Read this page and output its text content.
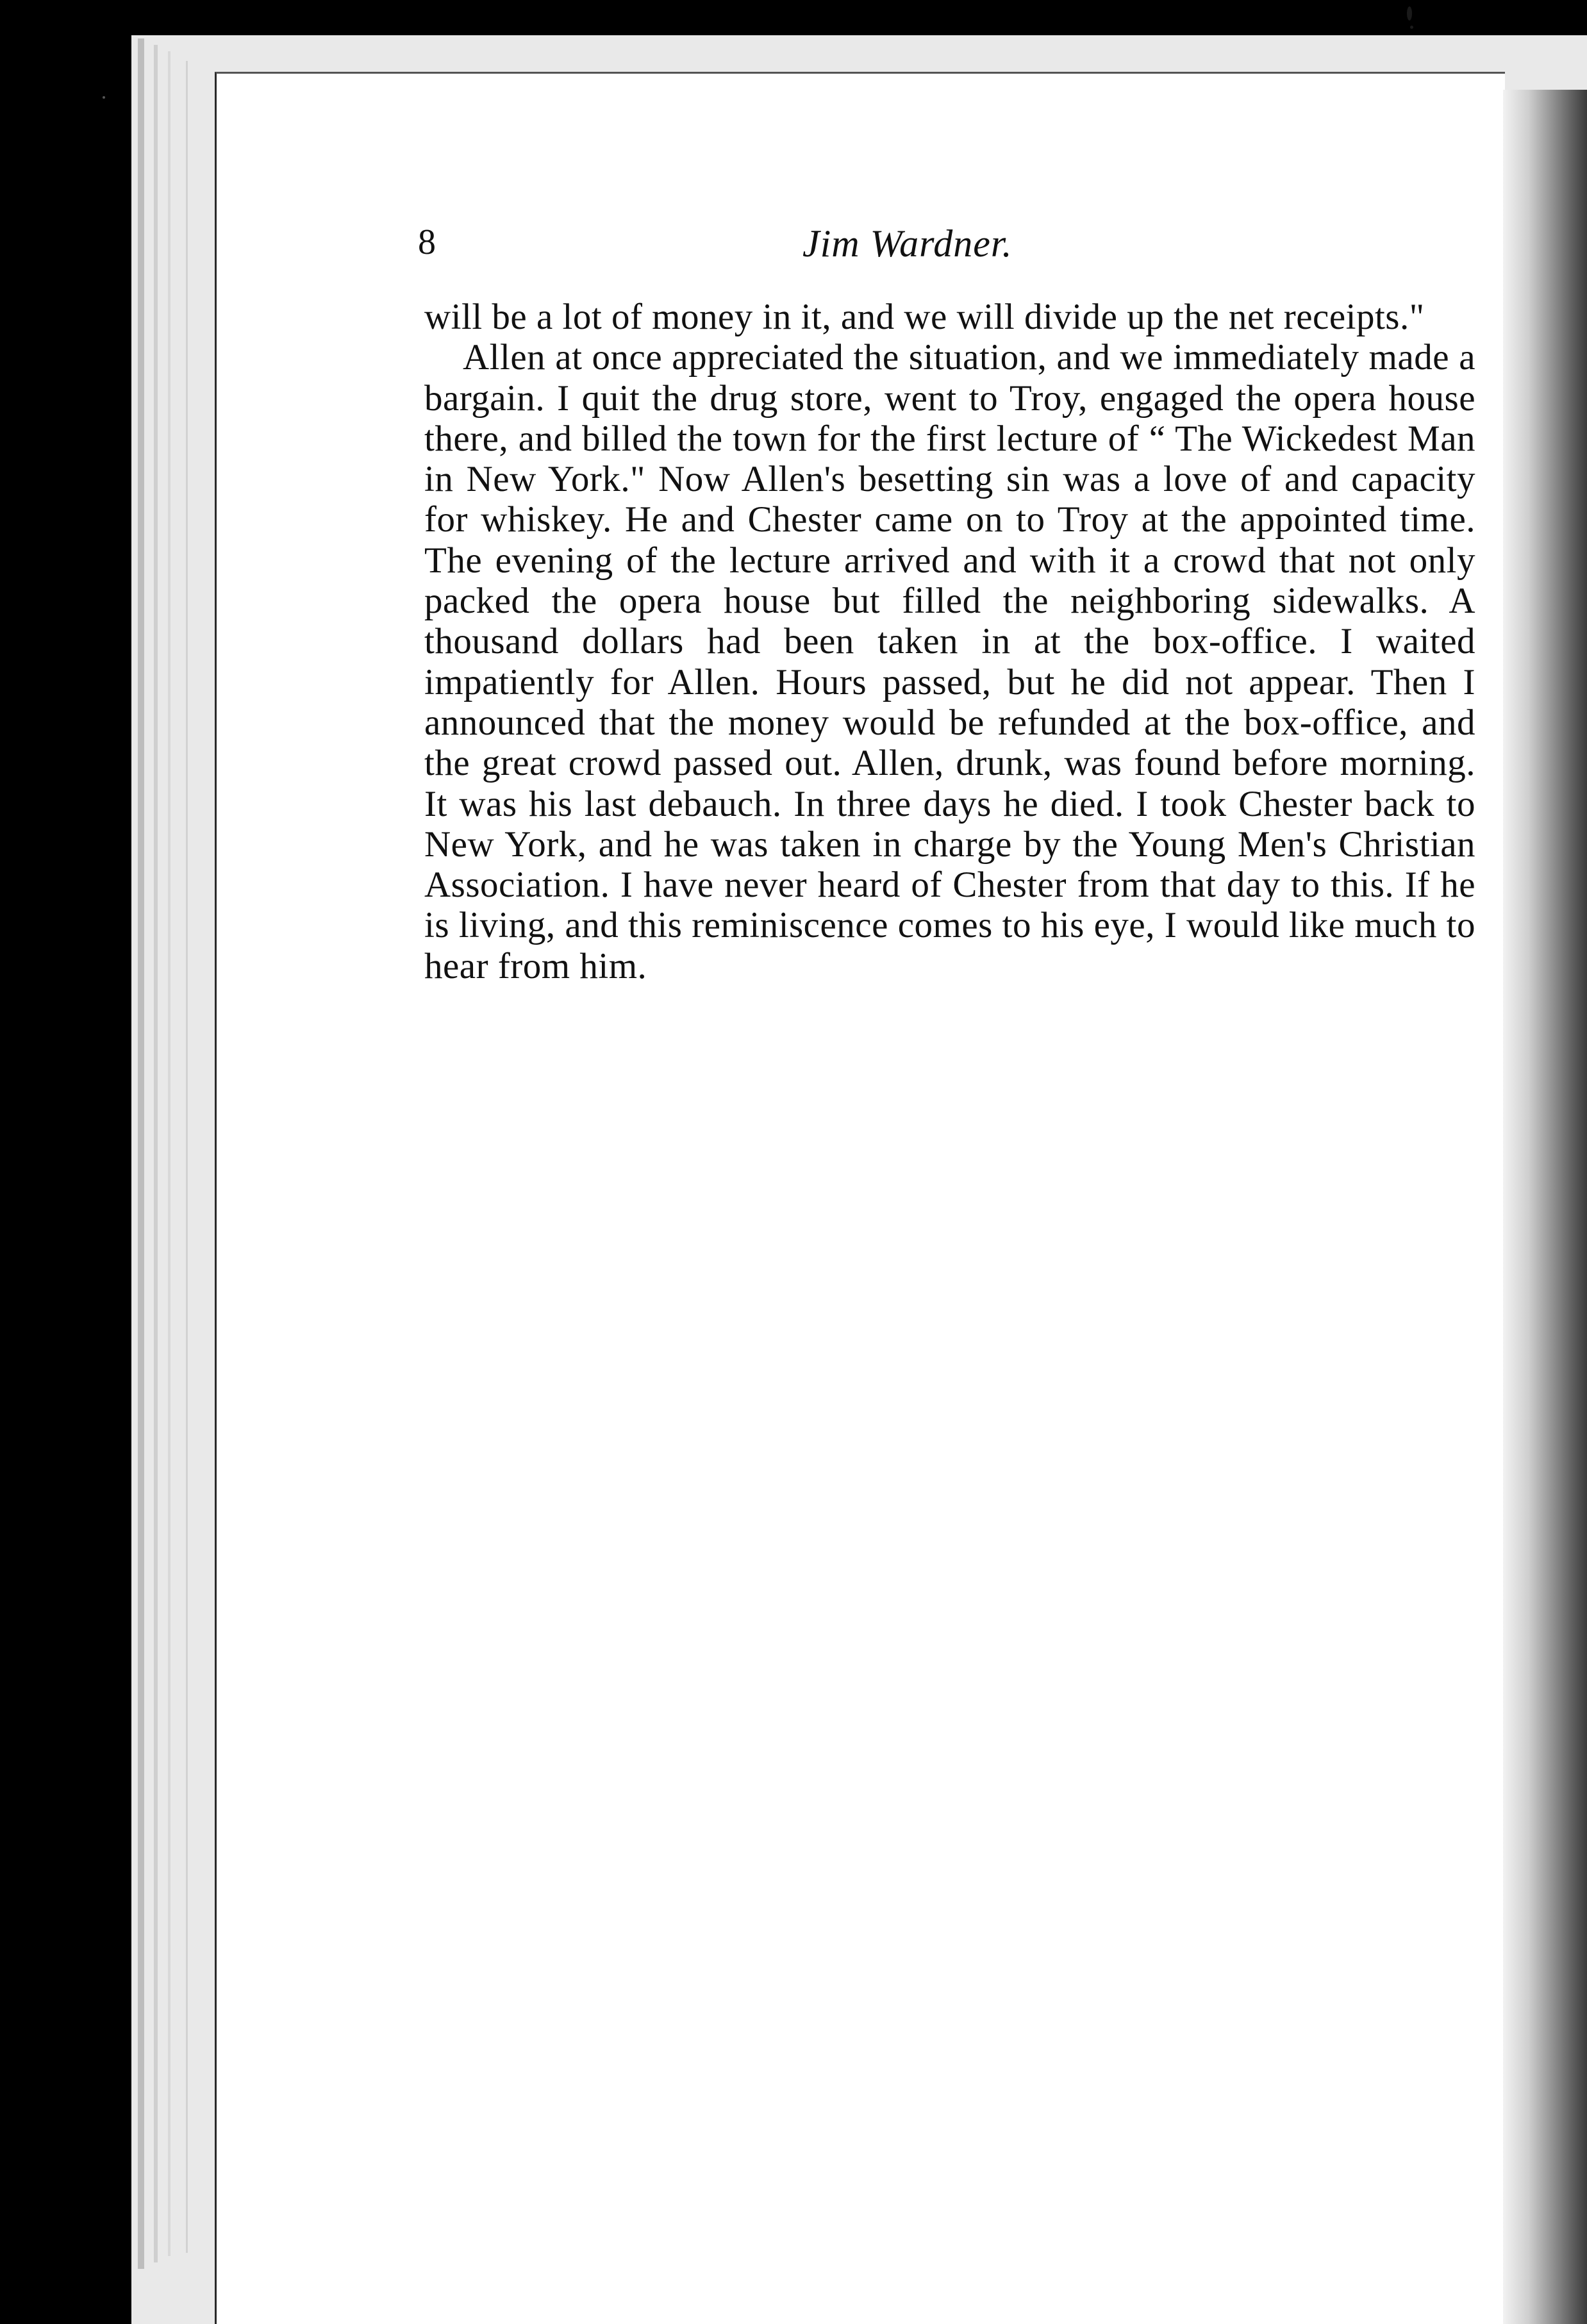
8	Jim Wardner.

will be a lot of money in it, and we will divide up the net receipts."

Allen at once appreciated the situation, and we immediately made a bargain. I quit the drug store, went to Troy, engaged the opera house there, and billed the town for the first lecture of “ The Wickedest Man in New York." Now Allen's besetting sin was a love of and capacity for whiskey. He and Chester came on to Troy at the appointed time. The evening of the lecture arrived and with it a crowd that not only packed the opera house but filled the neighboring sidewalks. A thousand dollars had been taken in at the box-office. I waited impatiently for Allen. Hours passed, but he did not appear. Then I announced that the money would be refunded at the box-office, and the great crowd passed out. Allen, drunk, was found before morning. It was his last debauch. In three days he died. I took Chester back to New York, and he was taken in charge by the Young Men's Christian Association. I have never heard of Chester from that day to this. If he is living, and this reminiscence comes to his eye, I would like much to hear from him.
